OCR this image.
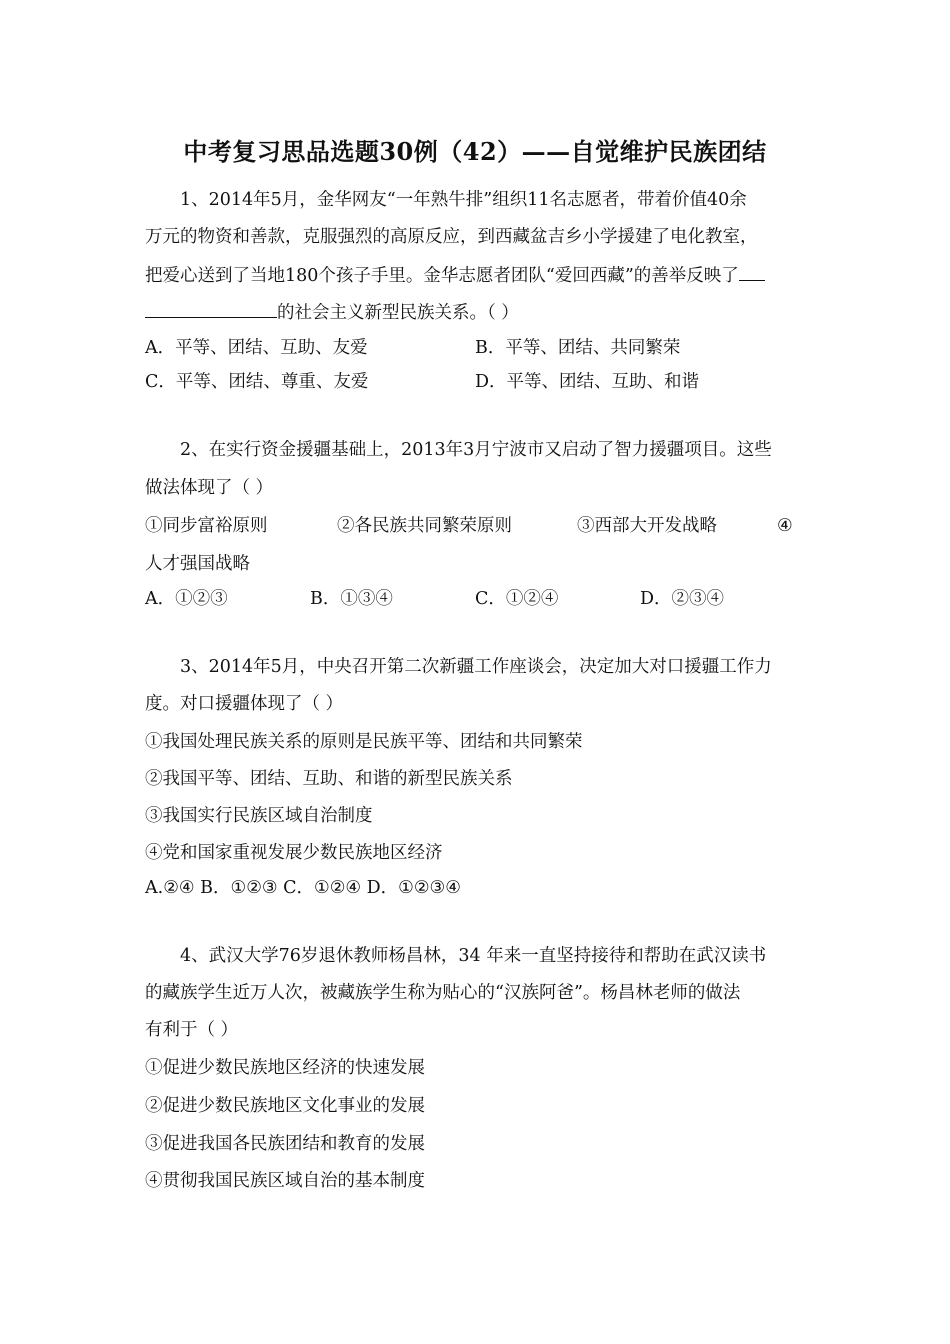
中考复习思品选题30例（42）——自觉维护民族团结
1、2014年5月，金华网友“一年熟牛排”组织11名志愿者，带着价值40余
万元的物资和善款，克服强烈的高原反应，到西藏盆吉乡小学援建了电化教室，
把爱心送到了当地180个孩子手里。金华志愿者团队“爱回西藏”的善举反映了
的社会主义新型民族关系。（ ）
A．平等、团结、互助、友爱	B．平等、团结、共同繁荣
C．平等、团结、尊重、友爱	D．平等、团结、互助、和谐
2、在实行资金援疆基础上，2013年3月宁波市又启动了智力援疆项目。这些
做法体现了（ ）
①同步富裕原则	②各民族共同繁荣原则	③西部大开发战略	④
人才强国战略
A．①②③	B．①③④	C．①②④	D．②③④
3、2014年5月，中央召开第二次新疆工作座谈会，决定加大对口援疆工作力
度。对口援疆体现了（ ）
①我国处理民族关系的原则是民族平等、团结和共同繁荣
②我国平等、团结、互助、和谐的新型民族关系
③我国实行民族区域自治制度
④党和国家重视发展少数民族地区经济
A.②④ B．①②③ C．①②④ D．①②③④
4、武汉大学76岁退休教师杨昌林，34 年来一直坚持接待和帮助在武汉读书
的藏族学生近万人次，被藏族学生称为贴心的“汉族阿爸”。杨昌林老师的做法
有利于（ ）
①促进少数民族地区经济的快速发展
②促进少数民族地区文化事业的发展
③促进我国各民族团结和教育的发展
④贯彻我国民族区域自治的基本制度
